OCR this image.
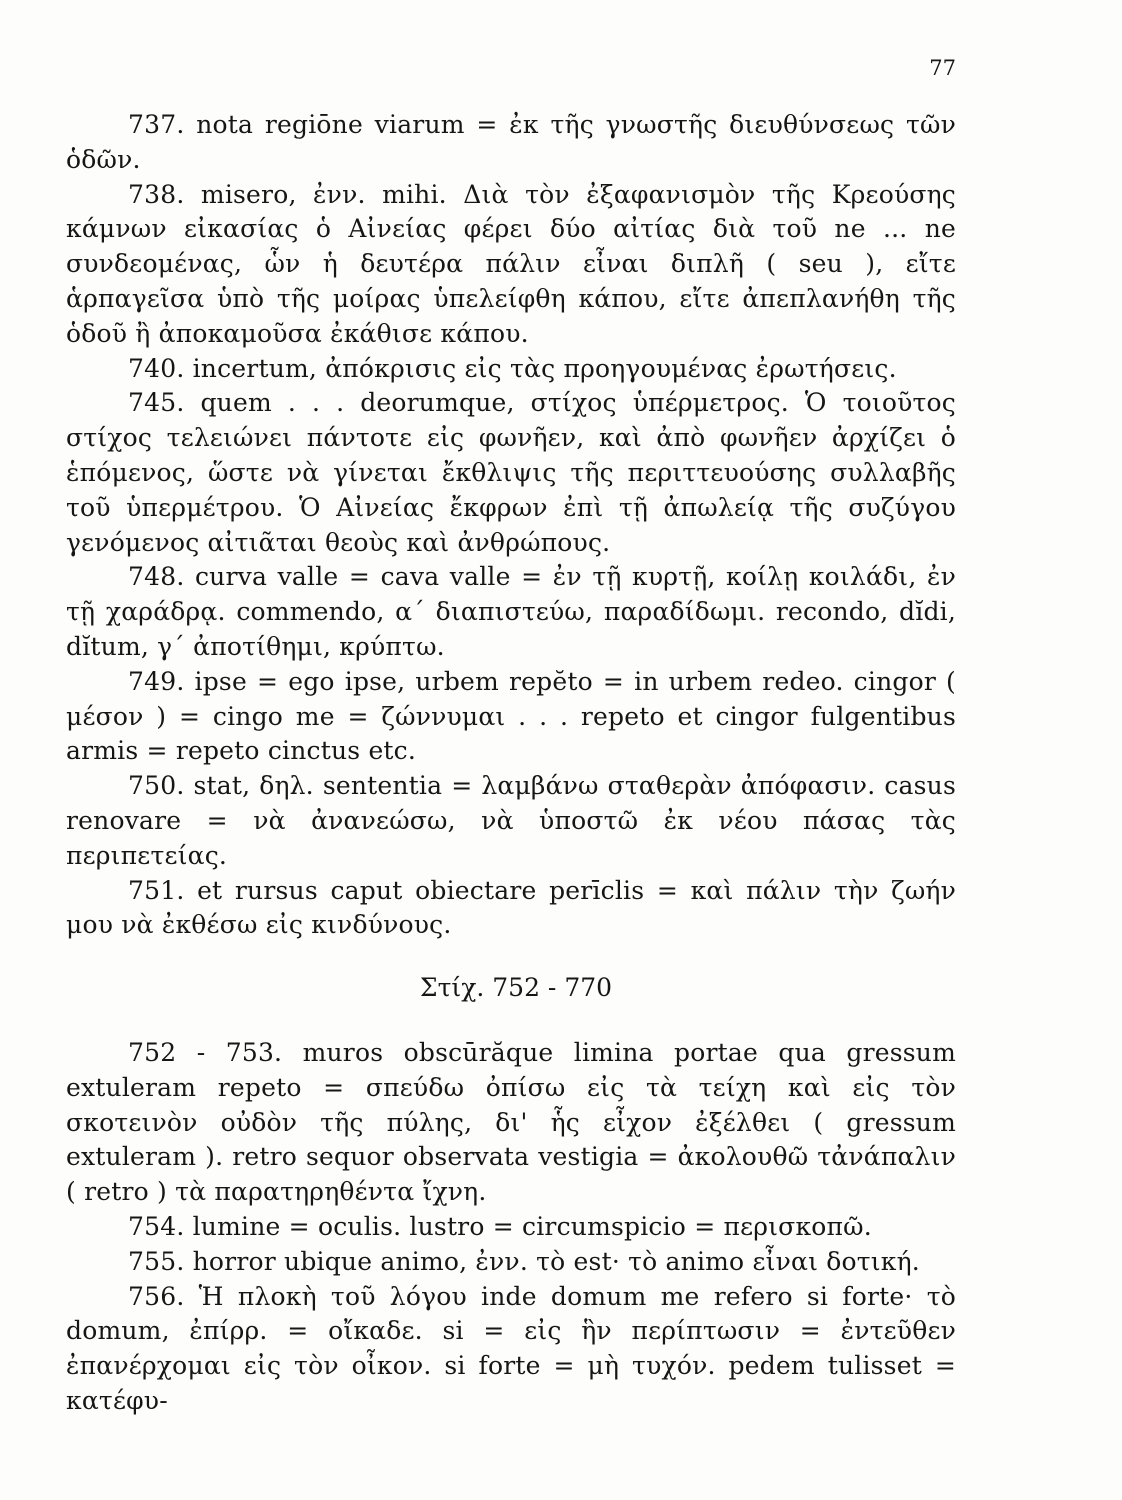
77

737. nota regiōne viarum = ἐκ τῆς γνωστῆς διευθύνσεως τῶν ὁδῶν.

738. misero, ἐνν. mihi. Διὰ τὸν ἐξαφανισμὸν τῆς Κρεούσης κάμνων εἰκασίας ὁ Αἰνείας φέρει δύο αἰτίας διὰ τοῦ ne ... ne συνδεομένας, ὧν ἡ δευτέρα πάλιν εἶναι διπλῆ ( seu ), εἴτε ἁρπαγεῖσα ὑπὸ τῆς μοίρας ὑπελείφθη κάπου, εἴτε ἀπεπλανήθη τῆς ὁδοῦ ἢ ἀποκαμοῦσα ἐκάθισε κάπου.

740. incertum, ἀπόκρισις εἰς τὰς προηγουμένας ἐρωτήσεις.

745. quem . . . deorumque, στίχος ὑπέρμετρος. Ὁ τοιοῦτος στίχος τελειώνει πάντοτε εἰς φωνῆεν, καὶ ἀπὸ φωνῆεν ἀρχίζει ὁ ἑπόμενος, ὥστε νὰ γίνεται ἔκθλιψις τῆς περιττευούσης συλλαβῆς τοῦ ὑπερμέτρου. Ὁ Αἰνείας ἔκφρων ἐπὶ τῇ ἀπωλείᾳ τῆς συζύγου γενόμενος αἰτιᾶται θεοὺς καὶ ἀνθρώπους.

748. curva valle = cava valle = ἐν τῇ κυρτῇ, κοίλῃ κοιλάδι, ἐν τῇ χαράδρᾳ. commendo, α΄ διαπιστεύω, παραδίδωμι. recondo, dĭdi, dĭtum, γ΄ ἀποτίθημι, κρύπτω.

749. ipse = ego ipse, urbem repĕto = in urbem redeo. cingor ( μέσον ) = cingo me = ζώννυμαι . . . repeto et cingor fulgentibus armis = repeto cinctus etc.

750. stat, δηλ. sententia = λαμβάνω σταθερὰν ἀπόφασιν. casus renovare = νὰ ἀνανεώσω, νὰ ὑποστῶ ἐκ νέου πάσας τὰς περιπετείας.

751. et rursus caput obiectare perīclis = καὶ πάλιν τὴν ζωήν μου νὰ ἐκθέσω εἰς κινδύνους.

Στίχ. 752 - 770

752 - 753. muros obscūrăque limina portae qua gressum extuleram repeto = σπεύδω ὀπίσω εἰς τὰ τείχη καὶ εἰς τὸν σκοτεινὸν οὐδὸν τῆς πύλης, δι' ἧς εἶχον ἐξέλθει ( gressum extuleram ). retro sequor observata vestigia = ἀκολουθῶ τἀνάπαλιν ( retro ) τὰ παρατηρηθέντα ἴχνη.

754. lumine = oculis. lustro = circumspicio = περισκοπῶ.

755. horror ubique animo, ἐνν. τὸ est· τὸ animo εἶναι δοτική.

756. Ἡ πλοκὴ τοῦ λόγου inde domum me refero si forte· τὸ domum, ἐπίρρ. = οἴκαδε. si = εἰς ἣν περίπτωσιν = ἐντεῦθεν ἐπανέρχομαι εἰς τὸν οἶκον. si forte = μὴ τυχόν. pedem tulisset = κατέφυ-
